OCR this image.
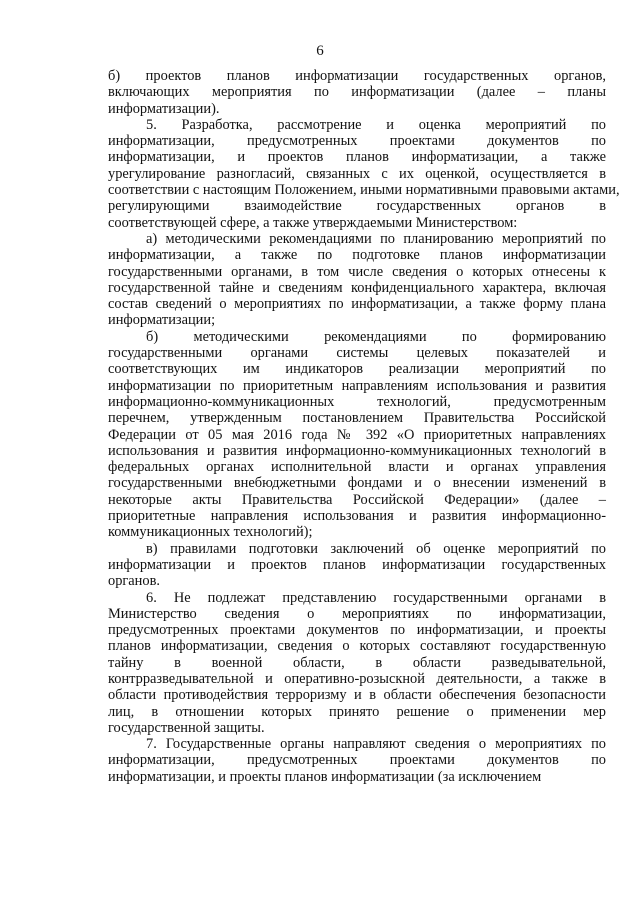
6
б) проектов планов информатизации государственных органов,
включающих мероприятия по информатизации (далее – планы
информатизации).
5. Разработка, рассмотрение и оценка мероприятий по
информатизации, предусмотренных проектами документов по
информатизации, и проектов планов информатизации, а также
урегулирование разногласий, связанных с их оценкой, осуществляется в
соответствии с настоящим Положением, иными нормативными правовыми актами,
регулирующими взаимодействие государственных органов в
соответствующей сфере, а также утверждаемыми Министерством:
а) методическими рекомендациями по планированию мероприятий по
информатизации, а также по подготовке планов информатизации
государственными органами, в том числе сведения о которых отнесены к
государственной тайне и сведениям конфиденциального характера, включая
состав сведений о мероприятиях по информатизации, а также форму плана
информатизации;
б) методическими рекомендациями по формированию
государственными органами системы целевых показателей и
соответствующих им индикаторов реализации мероприятий по
информатизации по приоритетным направлениям использования и развития
информационно-коммуникационных технологий, предусмотренным
перечнем, утвержденным постановлением Правительства Российской
Федерации от 05 мая 2016 года № 392 «О приоритетных направлениях
использования и развития информационно-коммуникационных технологий в
федеральных органах исполнительной власти и органах управления
государственными внебюджетными фондами и о внесении изменений в
некоторые акты Правительства Российской Федерации» (далее –
приоритетные направления использования и развития информационно-
коммуникационных технологий);
в) правилами подготовки заключений об оценке мероприятий по
информатизации и проектов планов информатизации государственных
органов.
6. Не подлежат представлению государственными органами в
Министерство сведения о мероприятиях по информатизации,
предусмотренных проектами документов по информатизации, и проекты
планов информатизации, сведения о которых составляют государственную
тайну в военной области, в области разведывательной,
контрразведывательной и оперативно-розыскной деятельности, а также в
области противодействия терроризму и в области обеспечения безопасности
лиц, в отношении которых принято решение о применении мер
государственной защиты.
7. Государственные органы направляют сведения о мероприятиях по
информатизации, предусмотренных проектами документов по
информатизации, и проекты планов информатизации (за исключением
